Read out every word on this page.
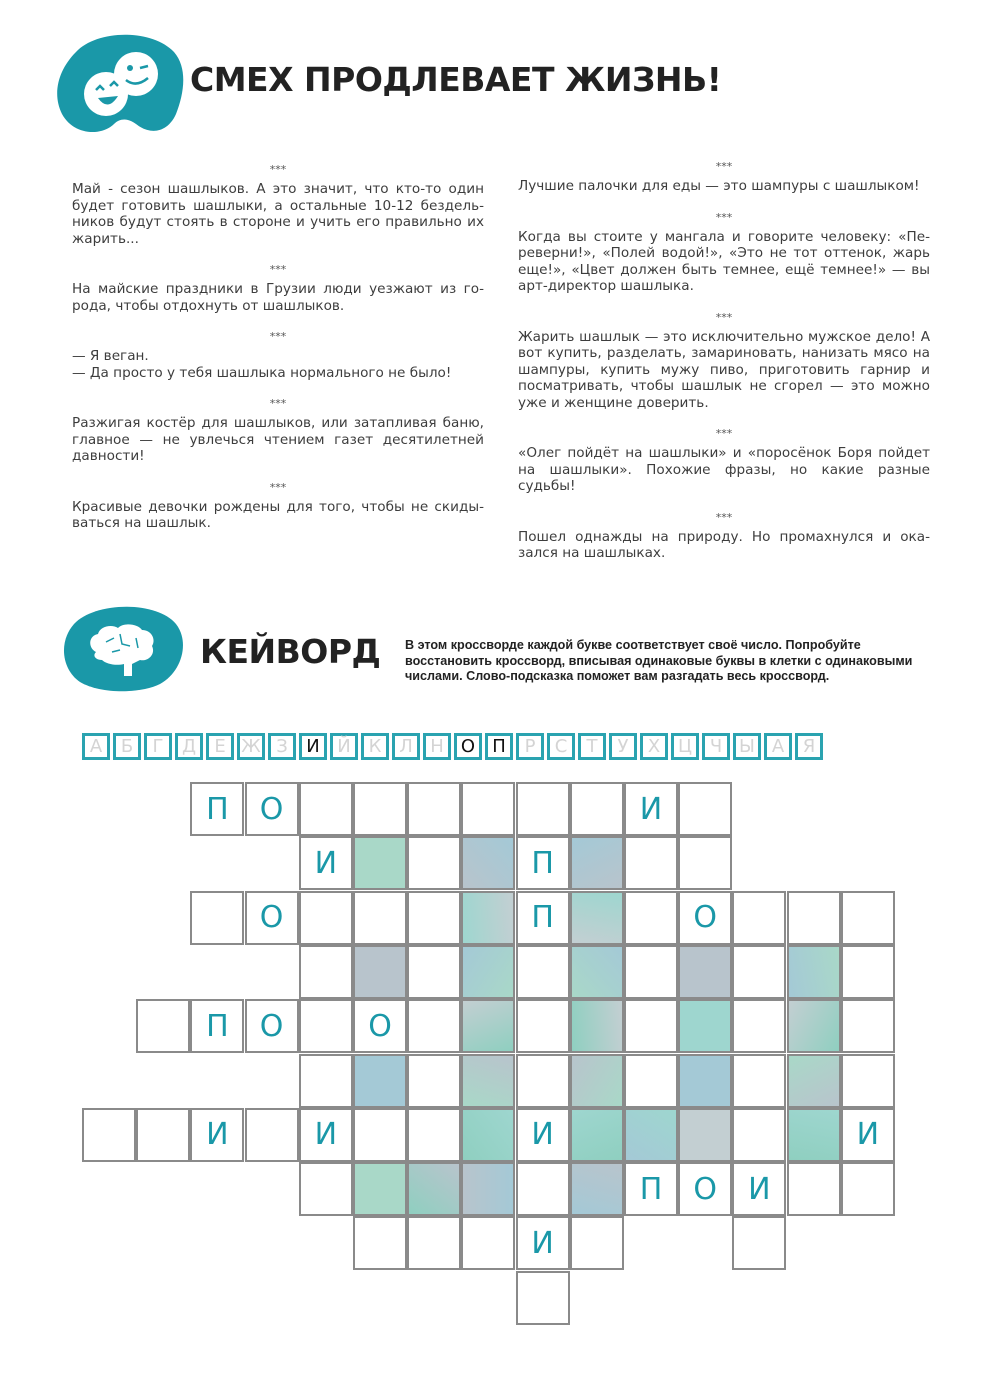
СМЕХ ПРОДЛЕВАЕТ ЖИЗНЬ!
***
Май - сезон шашлыков. А это значит, что кто-то один будет готовить шашлыки, а остальные 10-12 бездель-ников будут стоять в стороне и учить его правильно их жарить...
***
На майские праздники в Грузии люди уезжают из го-рода, чтобы отдохнуть от шашлыков.
***
— Я веган.
— Да просто у тебя шашлыка нормального не было!
***
Разжигая костёр для шашлыков, или затапливая баню, главное — не увлечься чтением газет десятилетней давности!
***
Красивые девочки рождены для того, чтобы не скиды-ваться на шашлык.
***
Лучшие палочки для еды — это шампуры с шашлыком!
***
Когда вы стоите у мангала и говорите человеку: «Пе-реверни!», «Полей водой!», «Это не тот оттенок, жарь еще!», «Цвет должен быть темнее, ещё темнее!» — вы арт-директор шашлыка.
***
Жарить шашлык — это исключительно мужское дело! А вот купить, разделать, замариновать, нанизать мясо на шампуры, купить мужу пиво, приготовить гарнир и посматривать, чтобы шашлык не сгорел — это можно уже и женщине доверить.
***
«Олег пойдёт на шашлыки» и «поросёнок Боря пойдет на шашлыки». Похожие фразы, но какие разные судьбы!
***
Пошел однажды на природу. Но промахнулся и ока-зался на шашлыках.
КЕЙВОРД В этом кроссворде каждой букве соответствует своё число. Попробуйте восстановить кроссворд, вписывая одинаковые буквы в клетки с одинаковыми числами. Слово-подсказка поможет вам разгадать весь кроссворд.
А	Б	Г	Д	Е Ж З	И Й К Л Н О П	Р	С	Т	У	Х Ц Ч Ы А	Я
П	О	И
И	П
О	П	О
П	О	О
И	И	И	И
П	О	И
И
